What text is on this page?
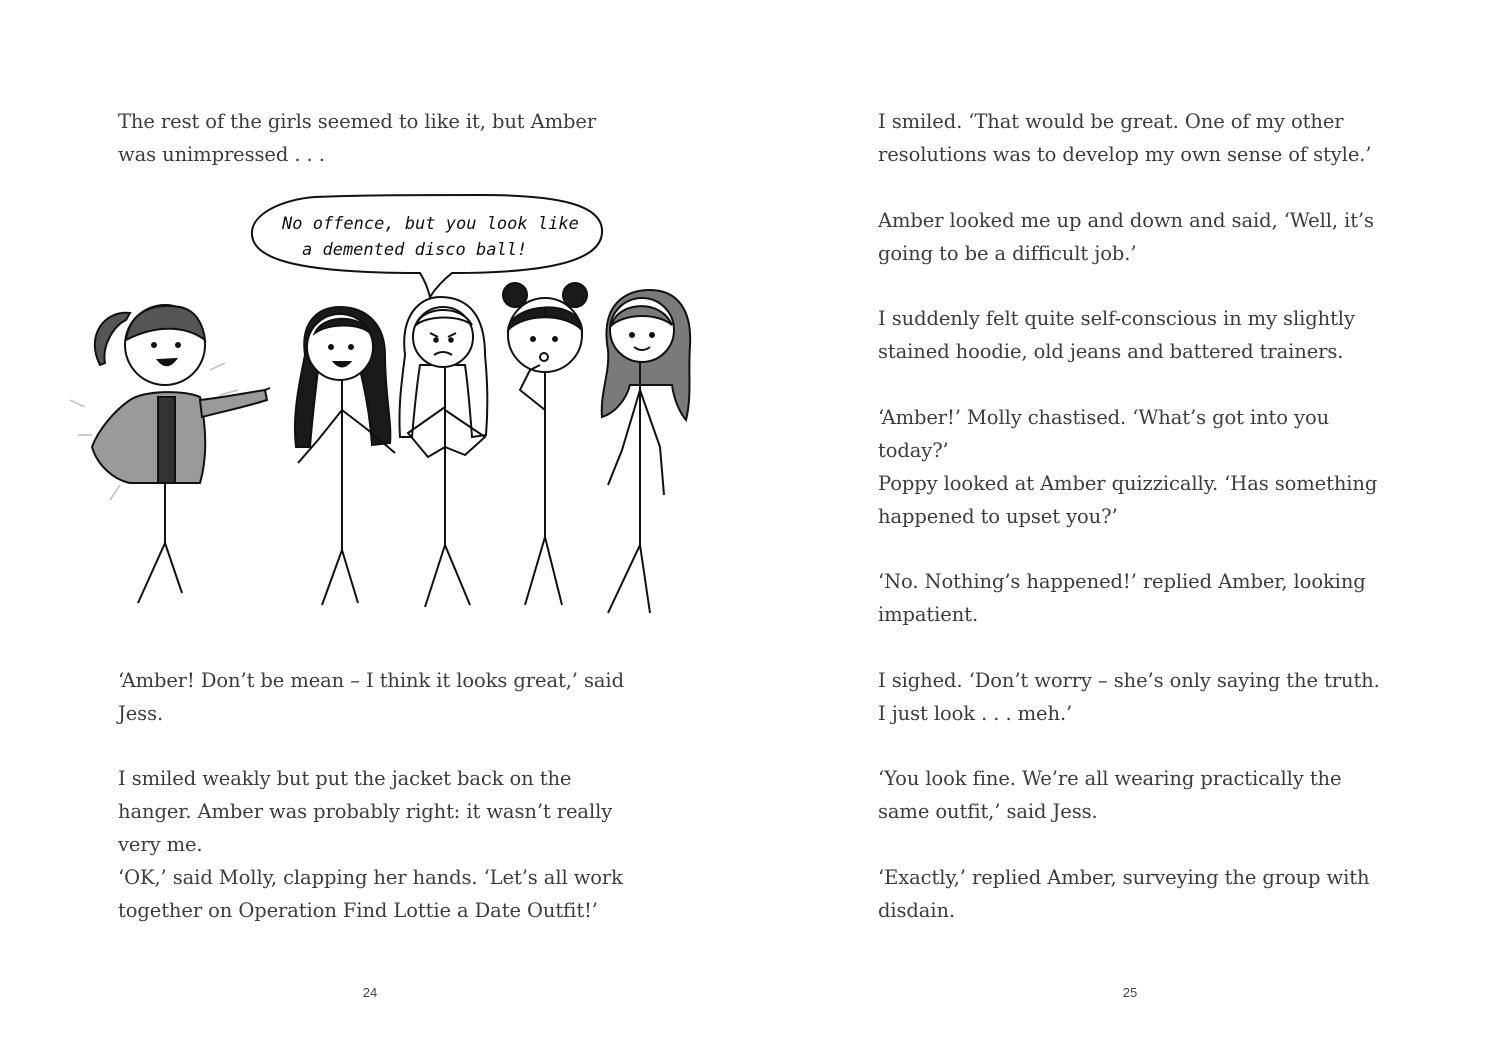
The rest of the girls seemed to like it, but Amber was unimpressed . . .

No offence, but you look like
a demented disco ball!

‘Amber! Don’t be mean – I think it looks great,’ said Jess.

I smiled weakly but put the jacket back on the hanger. Amber was probably right: it wasn’t really very me.

‘OK,’ said Molly, clapping her hands. ‘Let’s all work together on Operation Find Lottie a Date Outfit!’

24

I smiled. ‘That would be great. One of my other resolutions was to develop my own sense of style.’

Amber looked me up and down and said, ‘Well, it’s going to be a difficult job.’

I suddenly felt quite self-conscious in my slightly stained hoodie, old jeans and battered trainers.

‘Amber!’ Molly chastised. ‘What’s got into you today?’

Poppy looked at Amber quizzically. ‘Has something happened to upset you?’

‘No. Nothing’s happened!’ replied Amber, looking impatient.

I sighed. ‘Don’t worry – she’s only saying the truth. I just look . . . meh.’

‘You look fine. We’re all wearing practically the same outfit,’ said Jess.

‘Exactly,’ replied Amber, surveying the group with disdain.

25
